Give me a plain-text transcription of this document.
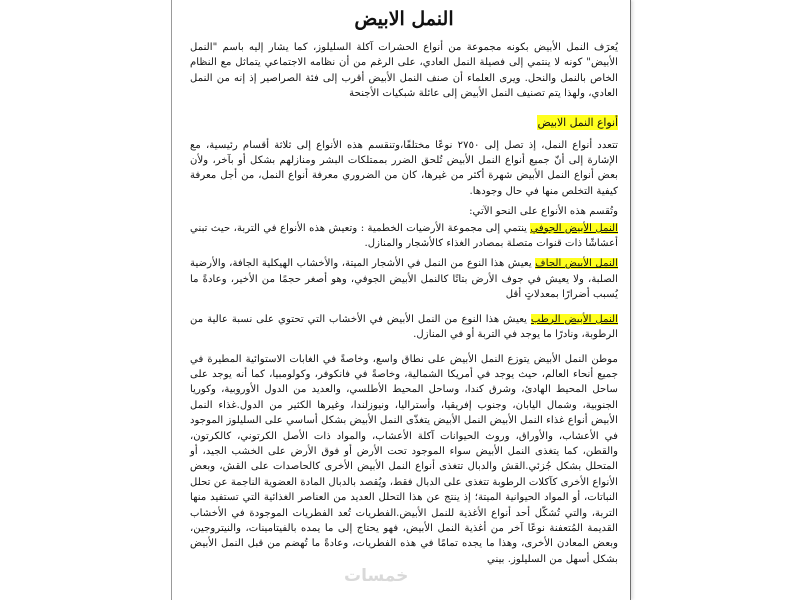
النمل الابيض

يُعرَف النمل الأبيض بكونه مجموعة من أنواع الحشرات آكلة السليلوز، كما يشار إليه باسم "النمل الأبيض" كونه لا ينتمي إلى فصيلة النمل العادي، على الرغم من أن نظامه الاجتماعي يتماثل مع النظام الخاص بالنمل والنحل. ويرى العلماء أن صنف النمل الأبيض أقرب إلى فئة الصراصير إذ إنه من النمل العادي، ولهذا يتم تصنيف النمل الأبيض إلى عائلة شبكيات الأجنحة

أنواع النمل الابيض

تتعدد أنواع النمل، إذ تصل إلى ٢٧٥٠ نوعًا مختلفًا،وتنقسم هذه الأنواع إلى ثلاثة أقسام رئيسية، مع الإشارة إلى أنّ جميع أنواع النمل الأبيض تُلحق الضرر بممتلكات البشر ومنازلهم بشكل أو بآخر، ولأن بعض أنواع النمل الأبيض شهرة أكثر من غيرها، كان من الضروري معرفة أنواع النمل، من أجل معرفة كيفية التخلص منها في حال وجودها.

وتُقسم هذه الأنواع على النحو الآتي:

النمل الأبيض الجوفي ينتمي إلى مجموعة الأرضيات الخطمية : وتعيش هذه الأنواع في التربة، حيث تبني أعشاشًا ذات قنوات متصلة بمصادر الغذاء كالأشجار والمنازل.

النمل الأبيض الجاف يعيش هذا النوع من النمل في الأشجار الميتة، والأخشاب الهيكلية الجافة، والأرضية الصلبة، ولا يعيش في جوف الأرض بتاتًا كالنمل الأبيض الجوفي، وهو أصغر حجمًا من الأخير، وعادةً ما يُسبب أضرارًا بمعدلاتٍ أقل

النمل الأبيض الرطب يعيش هذا النوع من النمل الأبيض في الأخشاب التي تحتوي على نسبة عالية من الرطوبة، ونادرًا ما يوجد في التربة أو في المنازل.

موطن النمل الأبيض يتوزع النمل الأبيض على نطاق واسع، وخاصةً في الغابات الاستوائية المطيرة في جميع أنحاء العالم، حيث يوجد في أمريكا الشمالية، وخاصةً في فانكوفر، وكولومبيا، كما أنه يوجد على ساحل المحيط الهادئ، وشرق كندا، وساحل المحيط الأطلسي، والعديد من الدول الأوروبية، وكوريا الجنوبية، وشمال اليابان، وجنوب إفريقيا، وأستراليا، ونيوزلندا، وغيرها الكثير من الدول.غذاء النمل الأبيض أنواع غذاء النمل الأبيض النمل الأبيض يتغذّى النمل الأبيض بشكل أساسي على السليلوز الموجود في الأعشاب، والأوراق، وروث الحيوانات آكلة الأعشاب، والمواد ذات الأصل الكرتوني، كالكرتون، والقطن، كما يتغذى النمل الأبيض سواء الموجود تحت الأرض أو فوق الأرض على الخشب الجيد، أو المتحلل بشكل جُزئي.القش والدبال تتغذى أنواع النمل الأبيض الأخرى كالحاصدات على القش، وبعض الأنواع الأخرى كآكلات الرطوبة تتغذى على الدبال فقط، ويُقصد بالدبال المادة العضوية الناجمة عن تحلل النباتات، أو المواد الحيوانية الميتة؛ إذ ينتج عن هذا التحلل العديد من العناصر الغذائية التي تستفيد منها التربة، والتي تُشكّل أحد أنواع الأغذية للنمل الأبيض.الفطريات تُعد الفطريات الموجودة في الأخشاب القديمة المُتعفنة نوعًا آخر من أغذية النمل الأبيض، فهو يحتاج إلى ما يمده بالفيتامينات، والنيتروجين، وبعض المعادن الأخرى، وهذا ما يجده تمامًا في هذه الفطريات، وعادةً ما تُهضم من قبل النمل الأبيض بشكل أسهل من السليلوز. بيني

خمسات
